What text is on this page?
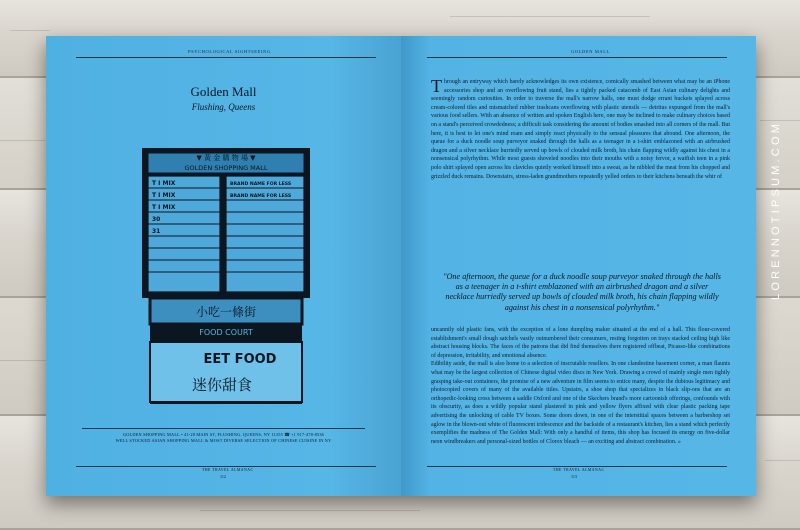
PSYCHOLOGICAL SIGHTSEEING
Golden Mall
Flushing, Queens
▼ 黃 金 購 物 場 ▼
GOLDEN SHOPPING MALL
T I MIX
T I MIX
T I MIX
30
31
BRAND NAME FOR LESS
BRAND NAME FOR LESS
小吃一條街
FOOD COURT
EET FOOD
迷你甜食
GOLDEN SHOPPING MALL • 41-28 MAIN ST, FLUSHING, QUEENS, NY 11355 ☎ +1 917-478-8536
WELL STOCKED ASIAN SHOPPING MALL & MOST DIVERSE SELECTION OF CHINESE CUISINE IN NY
THE TRAVEL ALMANAC
112
GOLDEN MALL
Through an entryway which barely acknowledges its own existence, comically smashed between what may be an iPhone accessories shop and an overflowing fruit stand, lies a tightly packed catacomb of East Asian culinary delights and seemingly random curiosities. In order to traverse the mall's narrow halls, one must dodge errant buckets splayed across cream-colored tiles and mismatched rubber trashcans overflowing with plastic utensils — detritus expunged from the mall's various food sellers. With an absence of written and spoken English here, one may be inclined to make culinary choices based on a stand's perceived crowdedness; a difficult task considering the amount of bodies smashed into all corners of the mall. But here, it is best to let one's mind roam and simply react physically to the sensual pleasures that abound. One afternoon, the queue for a duck noodle soup purveyor snaked through the halls as a teenager in a t-shirt emblazoned with an airbrushed dragon and a silver necklace hurriedly served up bowls of clouded milk broth, his chain flapping wildly against his chest in a nonsensical polyrhythm. While most guests shoveled noodles into their mouths with a noisy fervor, a waifish teen in a pink polo shirt splayed open across his clavicles quietly worked himself into a sweat, as he nibbled the meat from his chopped and grizzled duck remains. Downstairs, stress-laden grandmothers repeatedly yelled orders to their kitchens beneath the whir of
"One afternoon, the queue for a duck noodle soup purveyor snaked through the halls as a teenager in a t-shirt emblazoned with an airbrushed dragon and a silver necklace hurriedly served up bowls of clouded milk broth, his chain flapping wildly against his chest in a nonsensical polyrhythm."
uncannily old plastic fans, with the exception of a lone dumpling maker situated at the end of a hall. This flour-covered establishment's small dough satchels vastly outnumbered their consumers, resting forgotten on trays stacked ceiling high like abstract housing blocks. The faces of the patrons that did find themselves there registered offbeat, Picasso-like combinations of depression, irritability, and emotional absence.
Edibility aside, the mall is also home to a selection of inscrutable resellers. In one clandestine basement corner, a man flaunts what may be the largest collection of Chinese digital video discs in New York. Drawing a crowd of mainly single men tightly grasping take-out containers, the promise of a new adventure in film seems to entice many, despite the dubious legitimacy and photocopied covers of many of the available titles. Upstairs, a shoe shop that specializes in black slip-ons that are an orthopedic-looking cross between a saddle Oxford and one of the Skechers brand's more cartoonish offerings, confounds with its obscurity, as does a wildly popular stand plastered in pink and yellow flyers affixed with clear plastic packing tape advertising the unlocking of cable TV boxes. Some doors down, in one of the interstitial spaces between a barbershop set aglow in the blown-out white of fluorescent iridescence and the backside of a restaurant's kitchen, lies a stand which perfectly exemplifies the madness of The Golden Mall: With only a handful of items, this shop has focused its energy on five-dollar neon windbreakers and personal-sized bottles of Clorox bleach — an exciting and abstract combination. »
THE TRAVEL ALMANAC
113
LORENNOTIPSUM.COM
